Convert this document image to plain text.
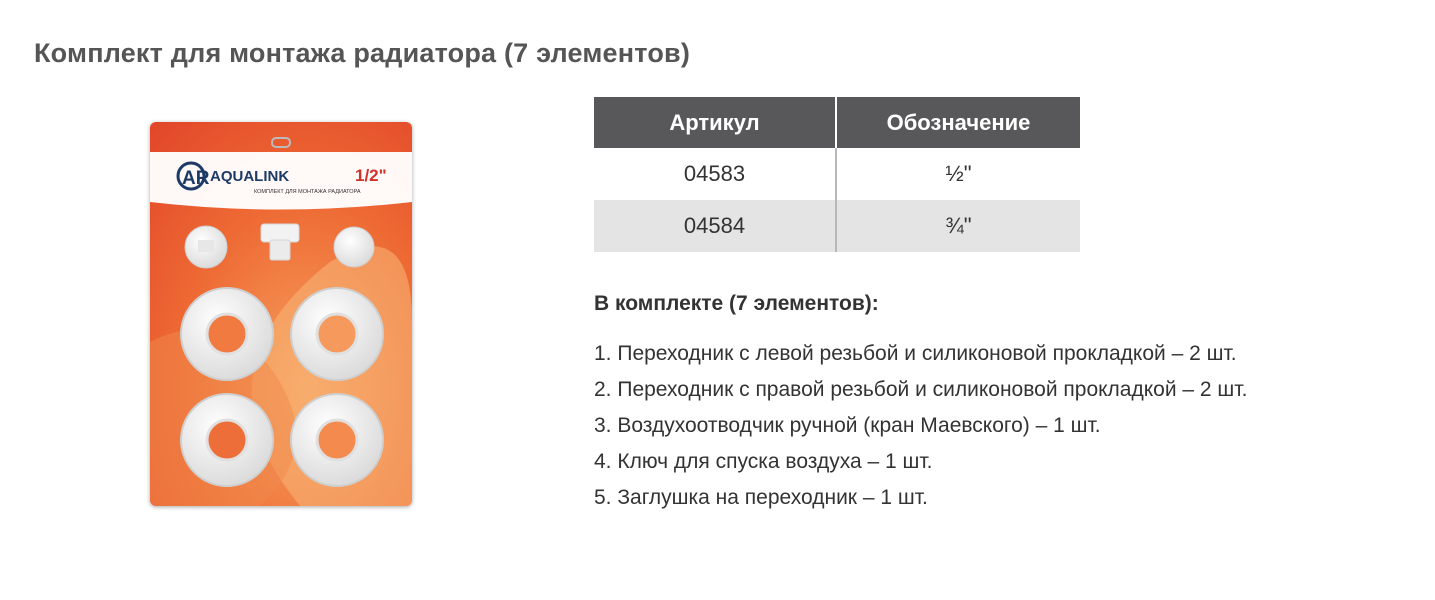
Комплект для монтажа радиатора (7 элементов)
AR AQUALINK	1/2"
КОМПЛЕКТ ДЛЯ МОНТАЖА РАДИАТОРА
Артикул	Обозначение
04583	½"
04584	¾"
В комплекте (7 элементов):
1. Переходник с левой резьбой и силиконовой прокладкой – 2 шт.
2. Переходник с правой резьбой и силиконовой прокладкой – 2 шт.
3. Воздухоотводчик ручной (кран Маевского) – 1 шт.
4. Ключ для спуска воздуха – 1 шт.
5. Заглушка на переходник – 1 шт.
